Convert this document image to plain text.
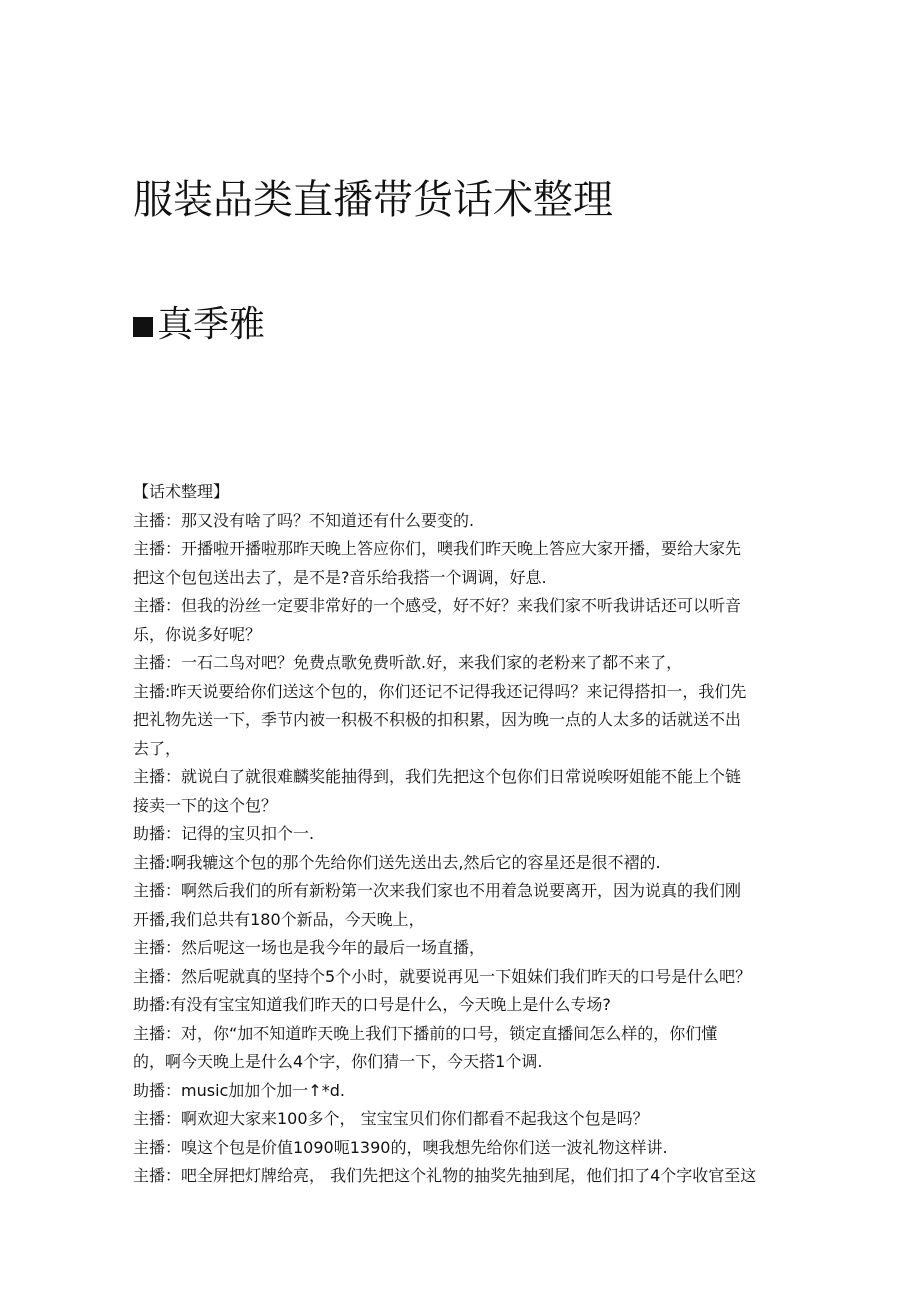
服装品类直播带货话术整理
真季雅
【话术整理】
主播：那又没有啥了吗？不知道还有什么要变的.
主播：开播啦开播啦那昨天晚上答应你们，噢我们昨天晚上答应大家开播，要给大家先
把这个包包送出去了，是不是?音乐给我搭一个调调，好息.
主播：但我的汾丝一定要非常好的一个感受，好不好？来我们家不听我讲话还可以听音
乐，你说多好呢？
主播：一石二鸟对吧？免费点歌免费听歆.好，来我们家的老粉来了都不来了，
主播:昨天说要给你们送这个包的，你们还记不记得我还记得吗？来记得搭扣一，我们先
把礼物先送一下，季节内被一积极不积极的扣积累，因为晚一点的人太多的话就送不出
去了，
主播：就说白了就很难麟奖能抽得到，我们先把这个包你们日常说唉呀姐能不能上个链
接卖一下的这个包？
助播：记得的宝贝扣个一.
主播:啊我辘这个包的那个先给你们送先送出去,然后它的容星还是很不褶的.
主播：啊然后我们的所有新粉第一次来我们家也不用着急说要离开，因为说真的我们刚
开播,我们总共有180个新品，今天晚上，
主播：然后呢这一场也是我今年的最后一场直播，
主播：然后呢就真的坚持个5个小时，就要说再见一下姐妹们我们昨天的口号是什么吧？
助播:有没有宝宝知道我们昨天的口号是什么，今天晚上是什么专场?
主播：对，你“加不知道昨天晚上我们下播前的口号，锁定直播间怎么样的，你们懂
的，啊今天晚上是什么4个字，你们猜一下，今天搭1个调.
助播：music加加个加一↑*d.
主播：啊欢迎大家来100多个， 宝宝宝贝们你们都看不起我这个包是吗？
主播：嗅这个包是价值1090呃1390的，噢我想先给你们送一波礼物这样讲.
主播：吧全屏把灯牌给亮， 我们先把这个礼物的抽奖先抽到尾，他们扣了4个字收官至这
